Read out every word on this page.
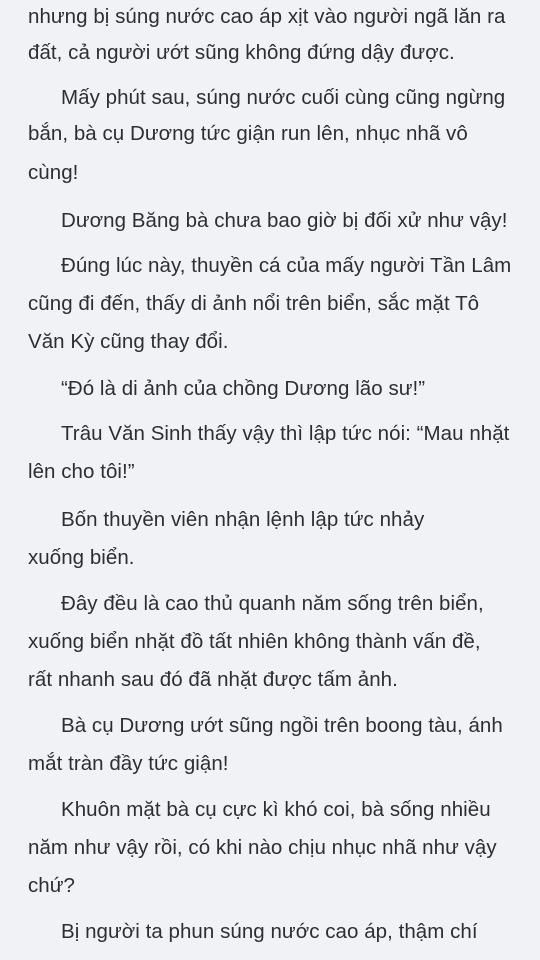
nhưng bị súng nước cao áp xịt vào người ngã lăn ra
đất, cả người ướt sũng không đứng dậy được.
Mấy phút sau, súng nước cuối cùng cũng ngừng
bắn, bà cụ Dương tức giận run lên, nhục nhã vô
cùng!
Dương Băng bà chưa bao giờ bị đối xử như vậy!
Đúng lúc này, thuyền cá của mấy người Tần Lâm
cũng đi đến, thấy di ảnh nổi trên biển, sắc mặt Tô
Văn Kỳ cũng thay đổi.
“Đó là di ảnh của chồng Dương lão sư!”
Trâu Văn Sinh thấy vậy thì lập tức nói: “Mau nhặt
lên cho tôi!”
Bốn thuyền viên nhận lệnh lập tức nhảy
xuống biển.
Đây đều là cao thủ quanh năm sống trên biển,
xuống biển nhặt đồ tất nhiên không thành vấn đề,
rất nhanh sau đó đã nhặt được tấm ảnh.
Bà cụ Dương ướt sũng ngồi trên boong tàu, ánh
mắt tràn đầy tức giận!
Khuôn mặt bà cụ cực kì khó coi, bà sống nhiều
năm như vậy rồi, có khi nào chịu nhục nhã như vậy
chứ?
Bị người ta phun súng nước cao áp, thậm chí
